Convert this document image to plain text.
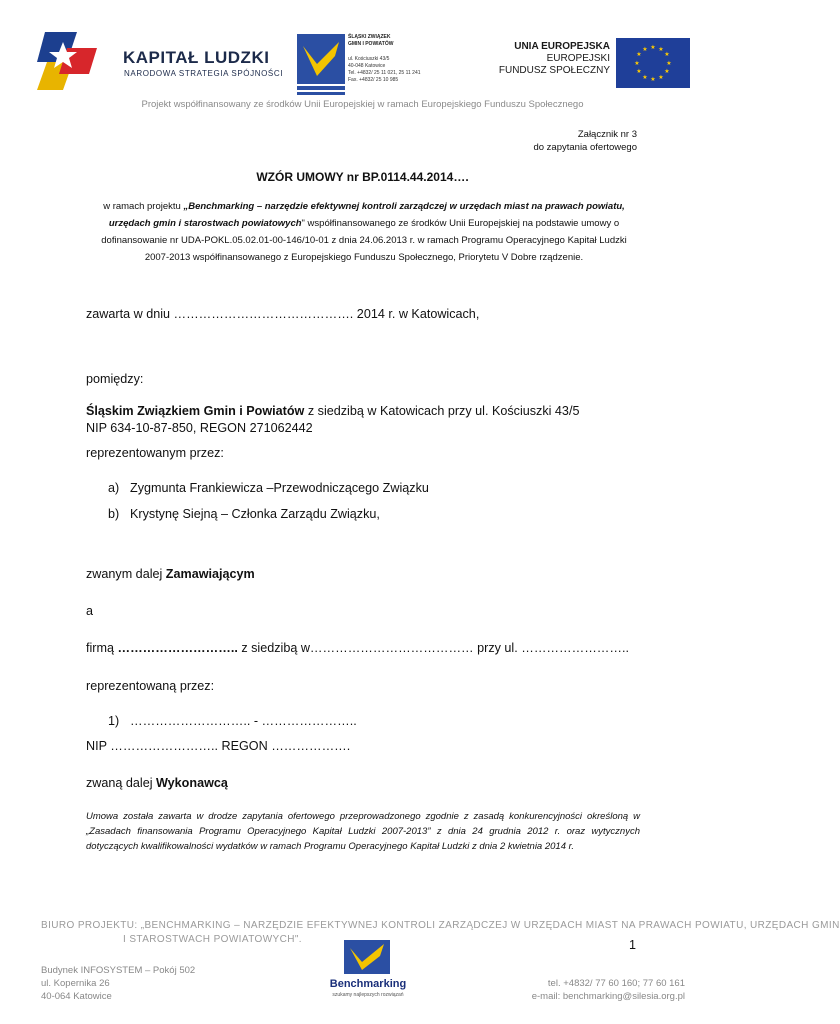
KAPITAŁ LUDZKI
NARODOWA STRATEGIA SPÓJNOŚCI
ŚLĄSKI ZWIĄZEK
GMIN I POWIATÓW
ul. Kościuszki 43/5
40-048 Katowice
Tel. +4832/ 25 11 021, 25 11 241
Fax. +4832/ 25 10 985
UNIA EUROPEJSKA
EUROPEJSKI
FUNDUSZ SPOŁECZNY
★ ★
★
★
★
★
★
★
★
★
★
★
Projekt współfinansowany ze środków Unii Europejskiej w ramach Europejskiego Funduszu Społecznego
Załącznik nr 3
do zapytania ofertowego
WZÓR UMOWY nr BP.0114.44.2014….
w ramach projektu „Benchmarking – narzędzie efektywnej kontroli zarządczej w urzędach miast na prawach powiatu, urzędach gmin i starostwach powiatowych" współfinansowanego ze środków Unii Europejskiej na podstawie umowy o dofinansowanie nr UDA-POKL.05.02.01-00-146/10-01 z dnia 24.06.2013 r. w ramach Programu Operacyjnego Kapitał Ludzki 2007-2013 współfinansowanego z Europejskiego Funduszu Społecznego, Priorytetu V Dobre rządzenie.
zawarta w dniu ……………………………………. 2014 r. w Katowicach,
pomiędzy:
Śląskim Związkiem Gmin i Powiatów z siedzibą w Katowicach przy ul. Kościuszki 43/5
NIP 634-10-87-850, REGON 271062442
reprezentowanym przez:
a) Zygmunta Frankiewicza –Przewodniczącego Związku
b) Krystynę Siejną – Członka Zarządu Związku,
zwanym dalej Zamawiającym
a
firmą ……………………….. z siedzibą w………………………………… przy ul. ……………………..
reprezentowaną przez:
1) ……………………….. - …………………..
NIP …………………….. REGON ……………….
zwaną dalej Wykonawcą
Umowa została zawarta w drodze zapytania ofertowego przeprowadzonego zgodnie z zasadą konkurencyjności określoną w „Zasadach finansowania Programu Operacyjnego Kapitał Ludzki 2007-2013” z dnia 24 grudnia 2012 r. oraz wytycznych dotyczących kwalifikowalności wydatków w ramach Programu Operacyjnego Kapitał Ludzki z dnia 2 kwietnia 2014 r.
BIURO PROJEKTU: „BENCHMARKING – NARZĘDZIE EFEKTYWNEJ KONTROLI ZARZĄDCZEJ W URZĘDACH MIAST NA PRAWACH POWIATU, URZĘDACH GMIN
I STAROSTWACH POWIATOWYCH".	1
Benchmarking
szukamy najlepszych rozwiązań
Budynek INFOSYSTEM – Pokój 502
ul. Kopernika 26
40-064 Katowice
tel. +4832/ 77 60 160; 77 60 161
e-mail: benchmarking@silesia.org.pl
